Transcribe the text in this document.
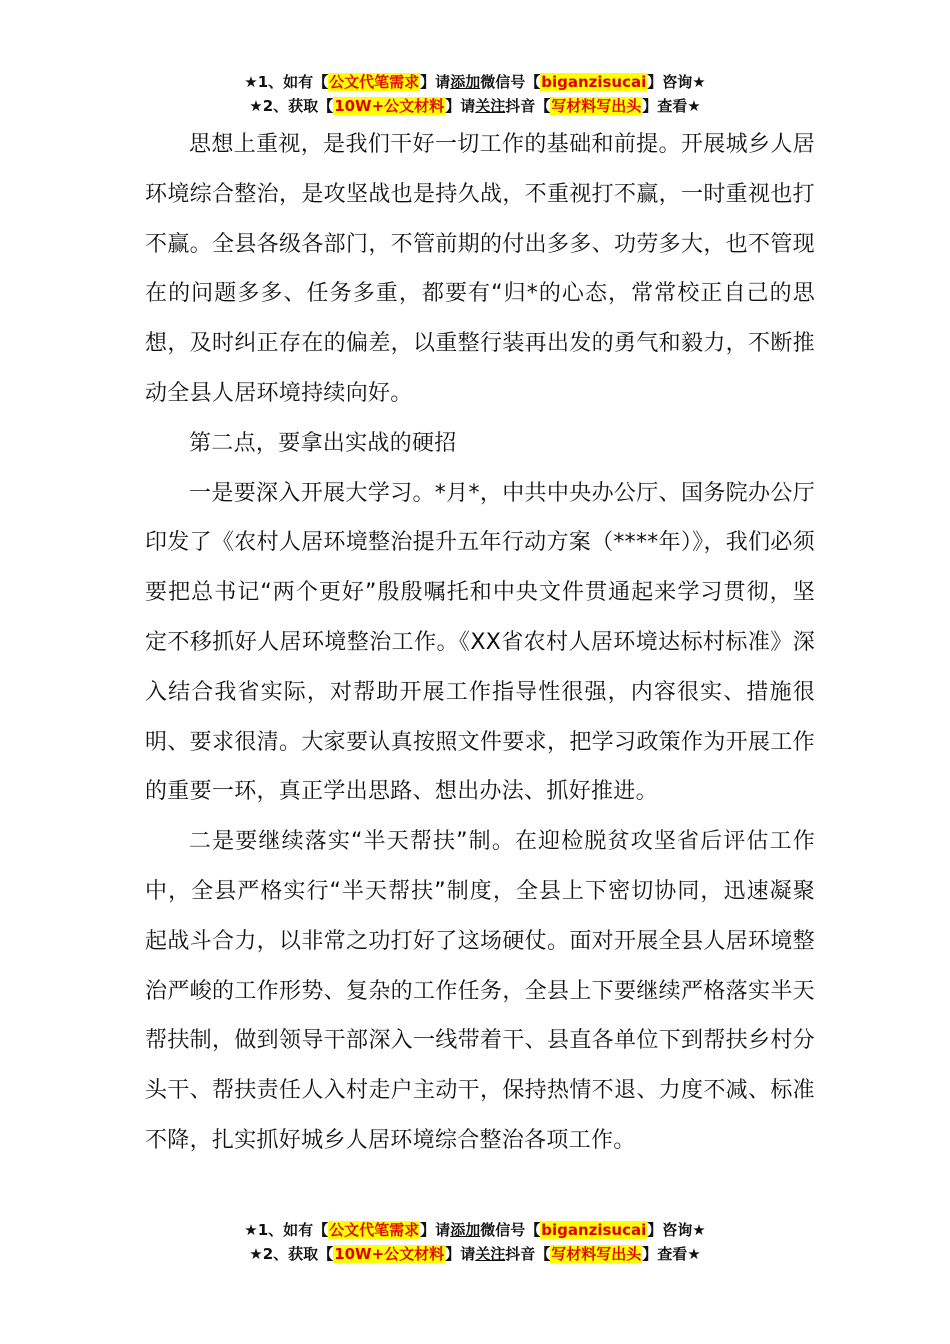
★1、如有【公文代笔需求】请添加微信号【biganzisucai】咨询★
★2、获取【10W+公文材料】请关注抖音【写材料写出头】查看★

思想上重视，是我们干好一切工作的基础和前提。开展城乡人居环境综合整治，是攻坚战也是持久战，不重视打不赢，一时重视也打不赢。全县各级各部门，不管前期的付出多多、功劳多大，也不管现在的问题多多、任务多重，都要有“归*的心态，常常校正自己的思想，及时纠正存在的偏差，以重整行装再出发的勇气和毅力，不断推动全县人居环境持续向好。

第二点，要拿出实战的硬招

一是要深入开展大学习。*月*，中共中央办公厅、国务院办公厅印发了《农村人居环境整治提升五年行动方案（****年）》，我们必须要把总书记“两个更好”殷殷嘱托和中央文件贯通起来学习贯彻，坚定不移抓好人居环境整治工作。《XX省农村人居环境达标村标准》深入结合我省实际，对帮助开展工作指导性很强，内容很实、措施很明、要求很清。大家要认真按照文件要求，把学习政策作为开展工作的重要一环，真正学出思路、想出办法、抓好推进。

二是要继续落实“半天帮扶”制。在迎检脱贫攻坚省后评估工作中，全县严格实行“半天帮扶”制度，全县上下密切协同，迅速凝聚起战斗合力，以非常之功打好了这场硬仗。面对开展全县人居环境整治严峻的工作形势、复杂的工作任务，全县上下要继续严格落实半天帮扶制，做到领导干部深入一线带着干、县直各单位下到帮扶乡村分头干、帮扶责任人入村走户主动干，保持热情不退、力度不减、标准不降，扎实抓好城乡人居环境综合整治各项工作。

★1、如有【公文代笔需求】请添加微信号【biganzisucai】咨询★
★2、获取【10W+公文材料】请关注抖音【写材料写出头】查看★
